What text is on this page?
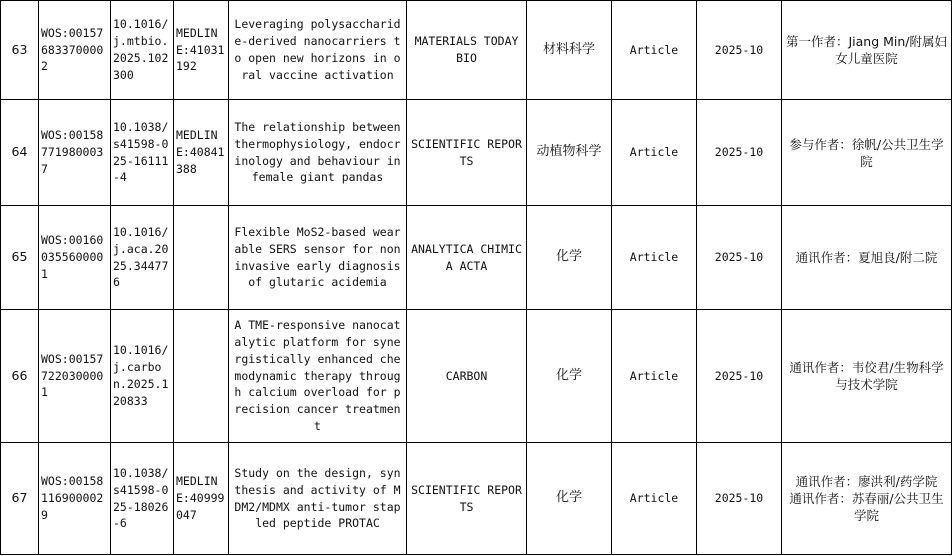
63	WOS:001576833700002	10.1016/j.mtbio.2025.102300	MEDLINE:41031192	Leveraging polysaccharide-derived nanocarriers to open new horizons in oral vaccine activation	MATERIALS TODAY BIO	材料科学	Article	2025-10	第一作者：Jiang Min/附属妇女儿童医院

64	WOS:001587719800037	10.1038/s41598-025-16111-4	MEDLINE:40841388	The relationship between thermophysiology, endocrinology and behaviour in female giant pandas	SCIENTIFIC REPORTS	动植物科学	Article	2025-10	参与作者：徐帆/公共卫生学院

65	WOS:001600355600001	10.1016/j.aca.2025.344776		Flexible MoS2-based wearable SERS sensor for noninvasive early diagnosis of glutaric acidemia	ANALYTICA CHIMICA ACTA	化学	Article	2025-10	通讯作者：夏旭良/附二院

66	WOS:001577220300001	10.1016/j.carbon.2025.120833		A TME-responsive nanocatalytic platform for synergistically enhanced chemodynamic therapy through calcium overload for precision cancer treatment	CARBON	化学	Article	2025-10	通讯作者：韦佼君/生物科学与技术学院

67	WOS:001581169000029	10.1038/s41598-025-18026-6	MEDLINE:40999047	Study on the design, synthesis and activity of MDM2/MDMX anti-tumor stapled peptide PROTAC	SCIENTIFIC REPORTS	化学	Article	2025-10	通讯作者：廖洪利/药学院
通讯作者：苏春丽/公共卫生学院
